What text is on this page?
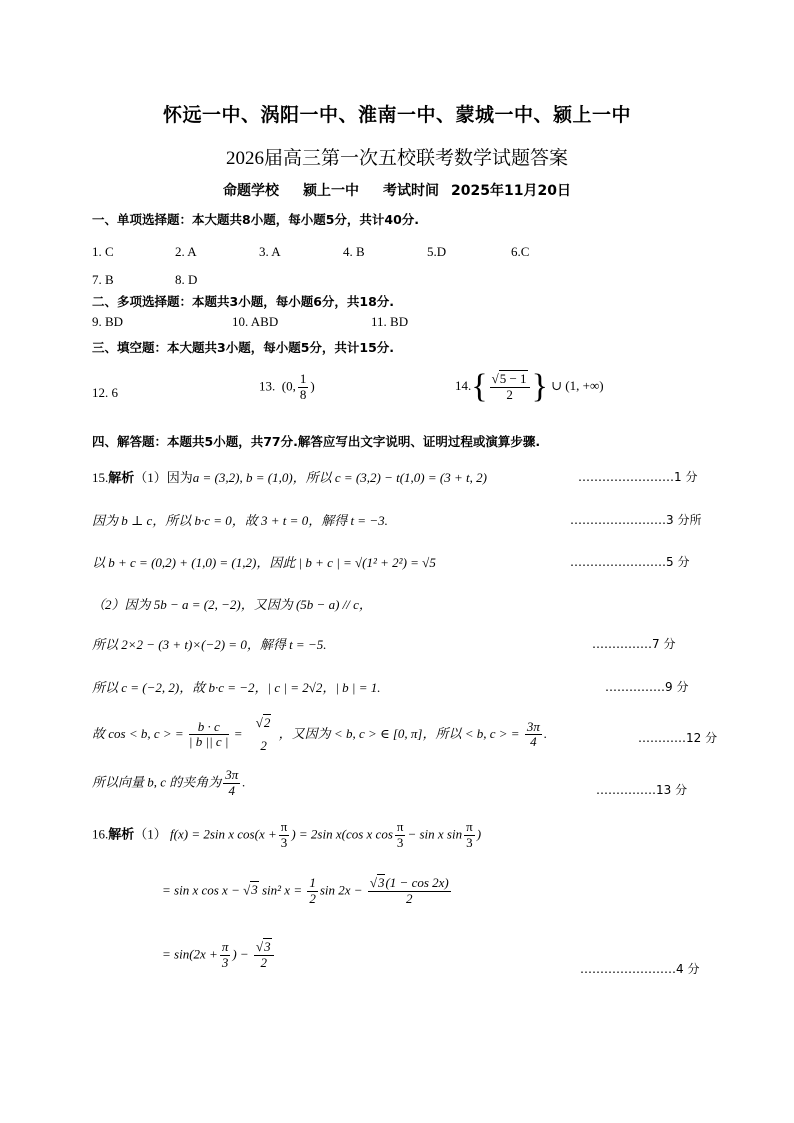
怀远一中、涡阳一中、淮南一中、蒙城一中、颍上一中
2026届高三第一次五校联考数学试题答案
命题学校 颍上一中 考试时间 2025年11月20日
一、单项选择题：本大题共8小题，每小题5分，共计40分.
1. C	2. A	3. A	4. B	5.D	6.C
7. B	8. D
二、多项选择题：本题共3小题，每小题6分，共18分.
9. BD	10. ABD	11. BD
三、填空题：本大题共3小题，每小题5分，共计15分.
12. 6	13.  (0, $\frac{1}{8}$ )	$14.\{ \frac{√5 - 1}{2}$ } ∪ (1, +∞)
四、解答题：本题共5小题，共77分.解答应写出文字说明、证明过程或演算步骤.
15.解析（1）因为a = (3,2), b = (1,0)，所以 c = (3,2) − t(1,0) = (3 + t, 2)	……………………1 分
因为 b ⊥ c，所以 b·c = 0，故 3 + t = 0，解得 t = −3.	……………………3 分所
以 b + c = (0,2) + (1,0) = (1,2)，因此 | b + c | = √(1² + 2²) = √5	……………………5 分
（2）因为 5b − a = (2, −2)，又因为 (5b − a) // c，
所以 2×2 − (3 + t)×(−2) = 0，解得 t = −5.	……………7 分
所以 c = (−2, 2)，故 b·c = −2，| c | = 2√2，| b | = 1.	……………9 分
故 cos < b, c > = $\frac{b \cdot c}{| b || c |}$ =
√2
2
，又因为 < b, c > ∈ [0, π]，所以 < b, c > = $\frac{3\pi}{4}$ .	…………12 分
所以向量 b, c 的夹角为 $\frac{3\pi}{4}$ .
……………13 分
16.解析（1） f(x) = 2sin x $\cos(x + \frac{\pi}{3}$ ) = 2sin x(cos x $\cos \frac{\pi}{3} - \sin x$ $\sin \frac{\pi}{3}$ )
= sin x cos x − √3 sin² $x = \frac{1}{2}$ $\sin 2x - \frac{√3(1 - \cos 2x)}{2}$
= $\sin(2x + \frac{\pi}{3}$ ) − $\frac{√3}{2}$	……………………4 分
